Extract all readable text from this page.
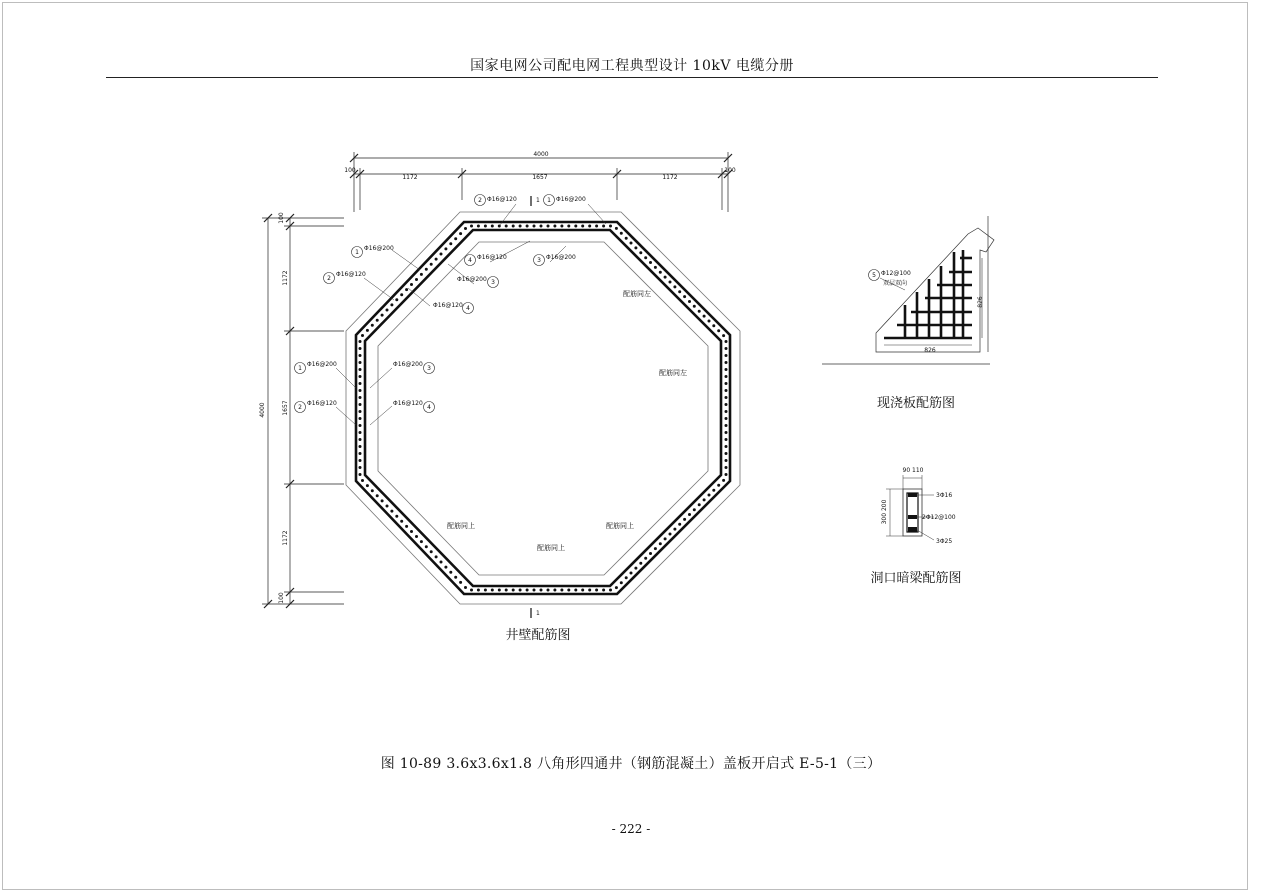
国家电网公司配电网工程典型设计 10kV 电缆分册
4000
100
1172	1657	1172
100
4000
100
1172
1657
1172
100
1
1
2	1
1
2
4
3
3
4
1
2
3
4
Φ16@120	Φ16@200
Φ16@200
Φ16@120
Φ16@120
Φ16@200
Φ16@200
Φ16@120
Φ16@200
Φ16@120
Φ16@200
Φ16@120
配筋同左
配筋同左
配筋同上	配筋同上
配筋同上
5 Φ12@100
双层双向
826
826
90 110
300 200
3Φ16
2Φ12@100
3Φ25
井壁配筋图
现浇板配筋图
洞口暗梁配筋图
图 10-89 3.6x3.6x1.8 八角形四通井（钢筋混凝土）盖板开启式 E-5-1（三）
- 222 -
